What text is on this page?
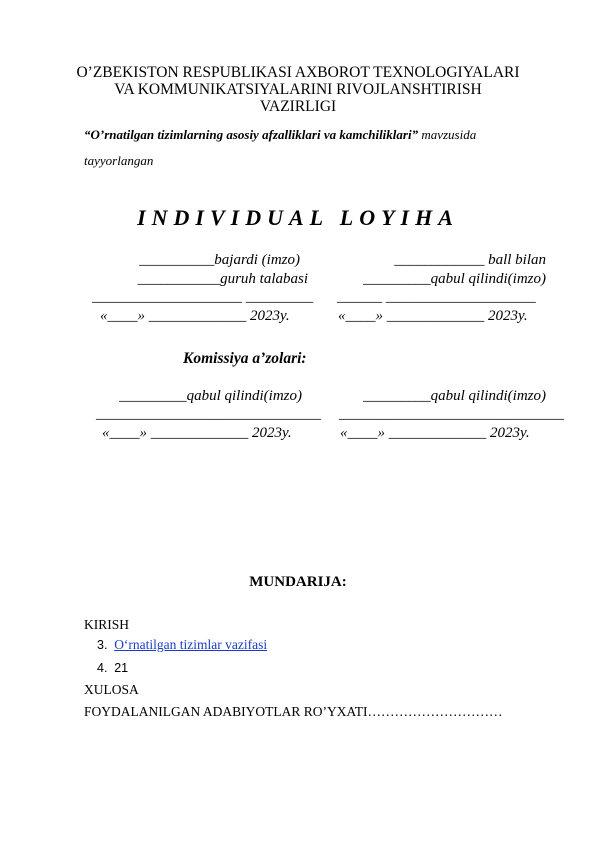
O’ZBEKISTON RESPUBLIKASI AXBOROT TEXNOLOGIYALARI
VA KOMMUNIKATSIYALARINI RIVOJLANSHTIRISH
VAZIRLIGI
“O’rnatilgan tizimlarning asosiy afzalliklari va kamchiliklari” mavzusida
tayyorlangan
INDIVIDUAL LOYIHA
__________bajardi (imzo)
___________guruh talabasi
____________________ _________
«____» _____________ 2023y.
____________ ball bilan
_________qabul qilindi(imzo)
______ ____________________
«____» _____________ 2023y.
Komissiya a’zolari:
_________qabul qilindi(imzo)
______________________________
«____» _____________ 2023y.
_________qabul qilindi(imzo)
______________________________
«____» _____________ 2023y.
MUNDARIJA:
KIRISH
3. O‘rnatilgan tizimlar vazifasi
4. 21
XULOSA
FOYDALANILGAN ADABIYOTLAR RO’YXATI…………………………
